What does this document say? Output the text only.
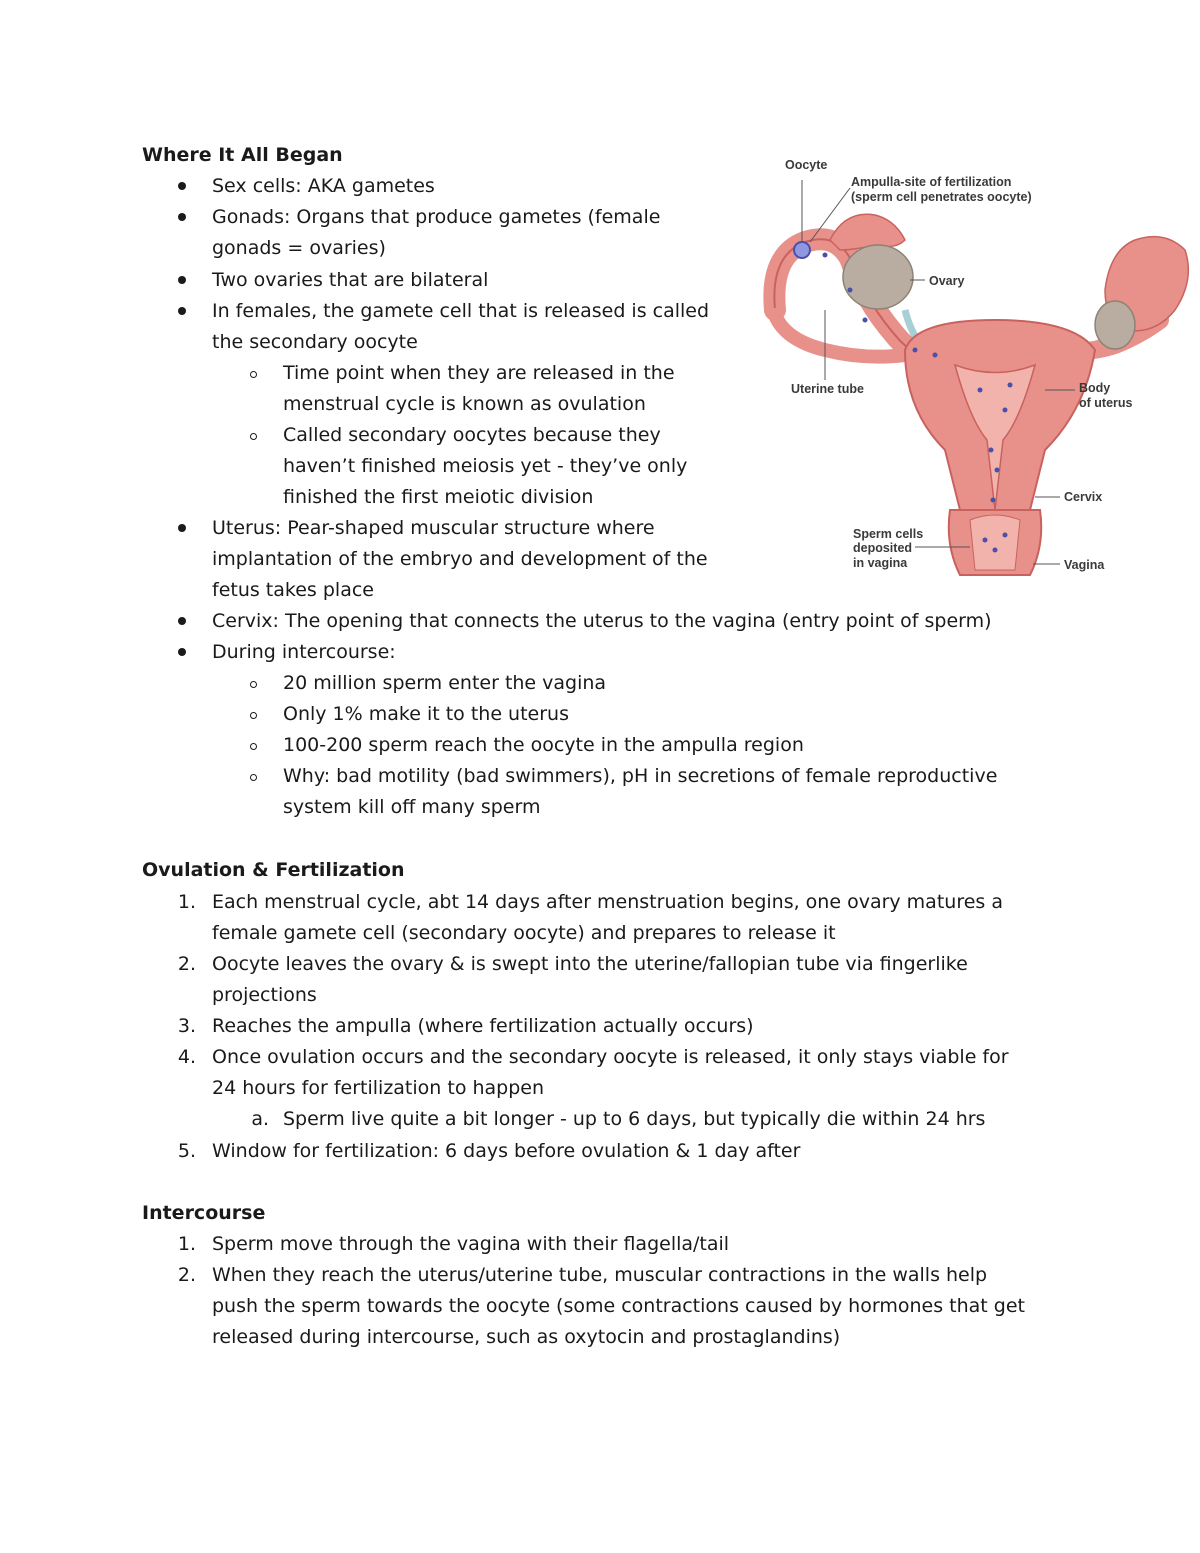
Where It All Began
Sex cells: AKA gametes
Gonads: Organs that produce gametes (female
gonads = ovaries)
Two ovaries that are bilateral
In females, the gamete cell that is released is called
the secondary oocyte
Time point when they are released in the
menstrual cycle is known as ovulation
Called secondary oocytes because they
haven’t finished meiosis yet - they’ve only
finished the first meiotic division
Uterus: Pear-shaped muscular structure where
implantation of the embryo and development of the
fetus takes place
Cervix: The opening that connects the uterus to the vagina (entry point of sperm)
During intercourse:
20 million sperm enter the vagina
Only 1% make it to the uterus
100-200 sperm reach the oocyte in the ampulla region
Why: bad motility (bad swimmers), pH in secretions of female reproductive
system kill off many sperm
Ovulation & Fertilization
1. Each menstrual cycle, abt 14 days after menstruation begins, one ovary matures a
female gamete cell (secondary oocyte) and prepares to release it
2. Oocyte leaves the ovary & is swept into the uterine/fallopian tube via fingerlike
projections
3. Reaches the ampulla (where fertilization actually occurs)
4. Once ovulation occurs and the secondary oocyte is released, it only stays viable for
24 hours for fertilization to happen
a. Sperm live quite a bit longer - up to 6 days, but typically die within 24 hrs
5. Window for fertilization: 6 days before ovulation & 1 day after
Intercourse
1. Sperm move through the vagina with their flagella/tail
2. When they reach the uterus/uterine tube, muscular contractions in the walls help
push the sperm towards the oocyte (some contractions caused by hormones that get
released during intercourse, such as oxytocin and prostaglandins)
Oocyte
Ampulla-site of fertilization
(sperm cell penetrates oocyte)
Ovary
Uterine tube	Body
of uterus
Cervix
Sperm cells
deposited
in vagina	Vagina
